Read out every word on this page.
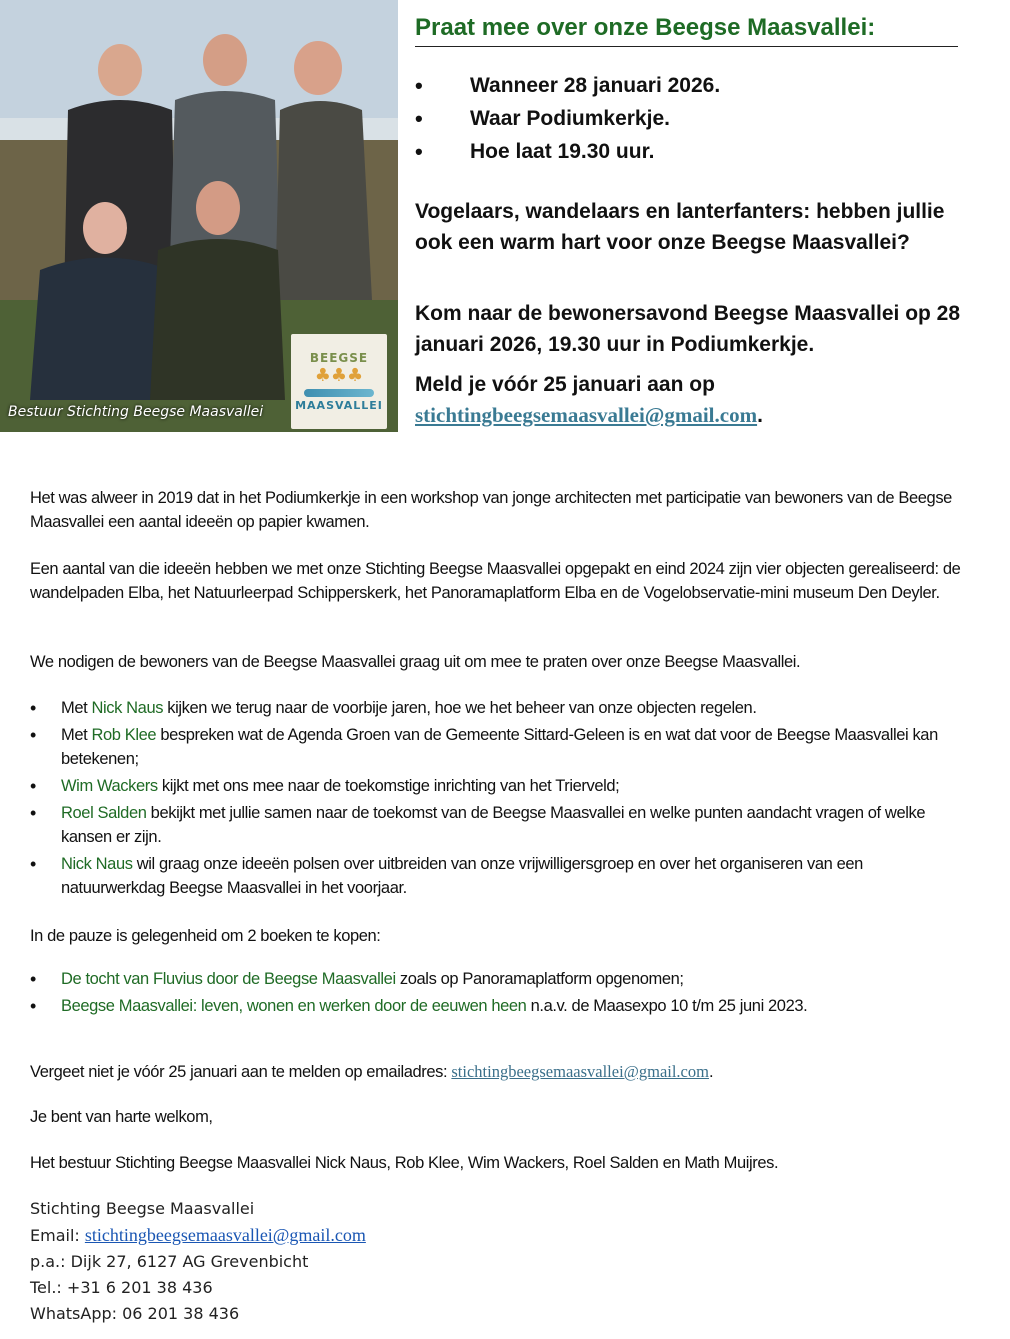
BEEGSE
♣♣♣
MAASVALLEI
Bestuur Stichting Beegse Maasvallei
Praat mee over onze Beegse Maasvallei:
• Wanneer 28 januari 2026.
• Waar Podiumkerkje.
• Hoe laat 19.30 uur.
Vogelaars, wandelaars en lanterfanters: hebben jullie ook een warm hart voor onze Beegse Maasvallei?
Kom naar de bewonersavond Beegse Maasvallei op 28 januari 2026, 19.30 uur in Podiumkerkje.
Meld je vóór 25 januari aan op
stichtingbeegsemaasvallei@gmail.com.

Het was alweer in 2019 dat in het Podiumkerkje in een workshop van jonge architecten met participatie van bewoners van de Beegse Maasvallei een aantal ideeën op papier kwamen.

Een aantal van die ideeën hebben we met onze Stichting Beegse Maasvallei opgepakt en eind 2024 zijn vier objecten gerealiseerd: de wandelpaden Elba, het Natuurleerpad Schipperskerk, het Panoramaplatform Elba en de Vogelobservatie-mini museum Den Deyler.

We nodigen de bewoners van de Beegse Maasvallei graag uit om mee te praten over onze Beegse Maasvallei.

• Met Nick Naus kijken we terug naar de voorbije jaren, hoe we het beheer van onze objecten regelen.
• Met Rob Klee bespreken wat de Agenda Groen van de Gemeente Sittard-Geleen is en wat dat voor de Beegse Maasvallei kan betekenen;
• Wim Wackers kijkt met ons mee naar de toekomstige inrichting van het Trierveld;
• Roel Salden bekijkt met jullie samen naar de toekomst van de Beegse Maasvallei en welke punten aandacht vragen of welke kansen er zijn.
• Nick Naus wil graag onze ideeën polsen over uitbreiden van onze vrijwilligersgroep en over het organiseren van een natuurwerkdag Beegse Maasvallei in het voorjaar.

In de pauze is gelegenheid om 2 boeken te kopen:

• De tocht van Fluvius door de Beegse Maasvallei zoals op Panoramaplatform opgenomen;
• Beegse Maasvallei: leven, wonen en werken door de eeuwen heen n.a.v. de Maasexpo 10 t/m 25 juni 2023.

Vergeet niet je vóór 25 januari aan te melden op emailadres: stichtingbeegsemaasvallei@gmail.com.

Je bent van harte welkom,

Het bestuur Stichting Beegse Maasvallei Nick Naus, Rob Klee, Wim Wackers, Roel Salden en Math Muijres.

Stichting Beegse Maasvallei
Email: stichtingbeegsemaasvallei@gmail.com
p.a.: Dijk 27, 6127 AG Grevenbicht
Tel.: +31 6 201 38 436
WhatsApp: 06 201 38 436
